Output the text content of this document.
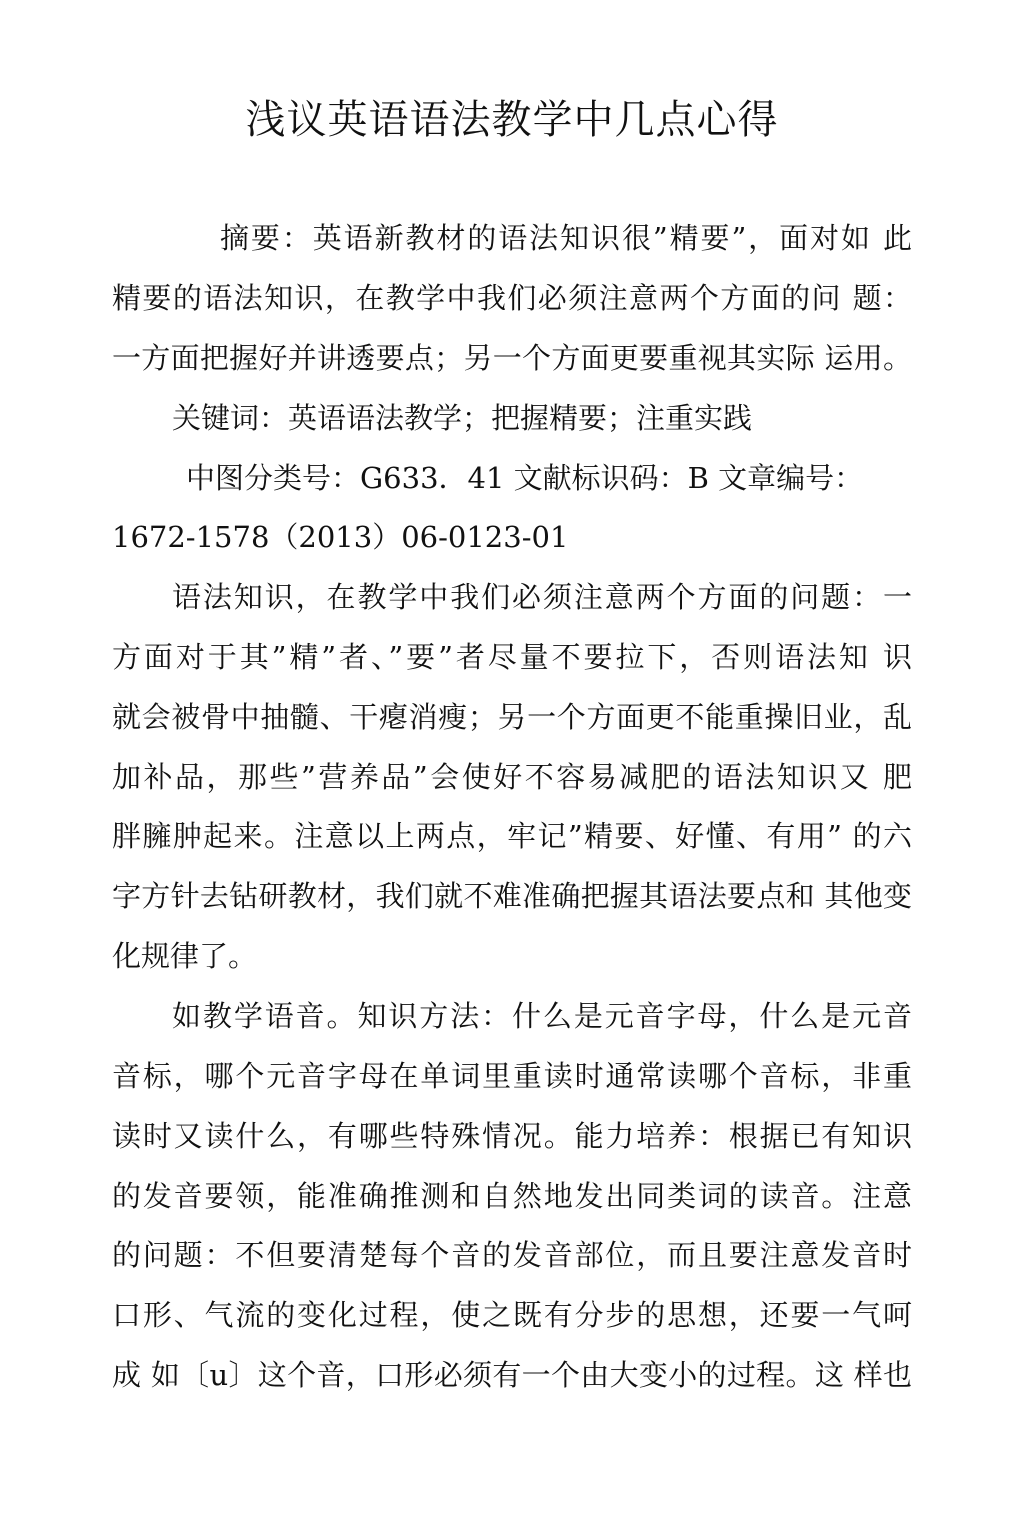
浅议英语语法教学中几点心得

摘要：英语新教材的语法知识很”精要”，面对如 此

精要的语法知识，在教学中我们必须注意两个方面的问 题：

一方面把握好并讲透要点；另一个方面更要重视其实际 运用。

关键词：英语语法教学；把握精要；注重实践

中图分类号：G633．41 文献标识码：B 文章编号：

1672-1578（2013）06-0123-01

语法知识，在教学中我们必须注意两个方面的问题：一

方面对于其”精”者、”要”者尽量不要拉下，否则语法知 识

就会被骨中抽髓、干瘪消瘦；另一个方面更不能重操旧业，乱

加补品，那些”营养品”会使好不容易减肥的语法知识又 肥

胖臃肿起来。注意以上两点，牢记”精要、好懂、有用” 的六

字方针去钻研教材，我们就不难准确把握其语法要点和 其他变

化规律了。

如教学语音。知识方法：什么是元音字母，什么是元音

音标，哪个元音字母在单词里重读时通常读哪个音标，非重

读时又读什么，有哪些特殊情况。能力培养：根据已有知识

的发音要领，能准确推测和自然地发出同类词的读音。注意

的问题：不但要清楚每个音的发音部位，而且要注意发音时

口形、气流的变化过程，使之既有分步的思想，还要一气呵

成 如〔u〕这个音，口形必须有一个由大变小的过程。这 样也
